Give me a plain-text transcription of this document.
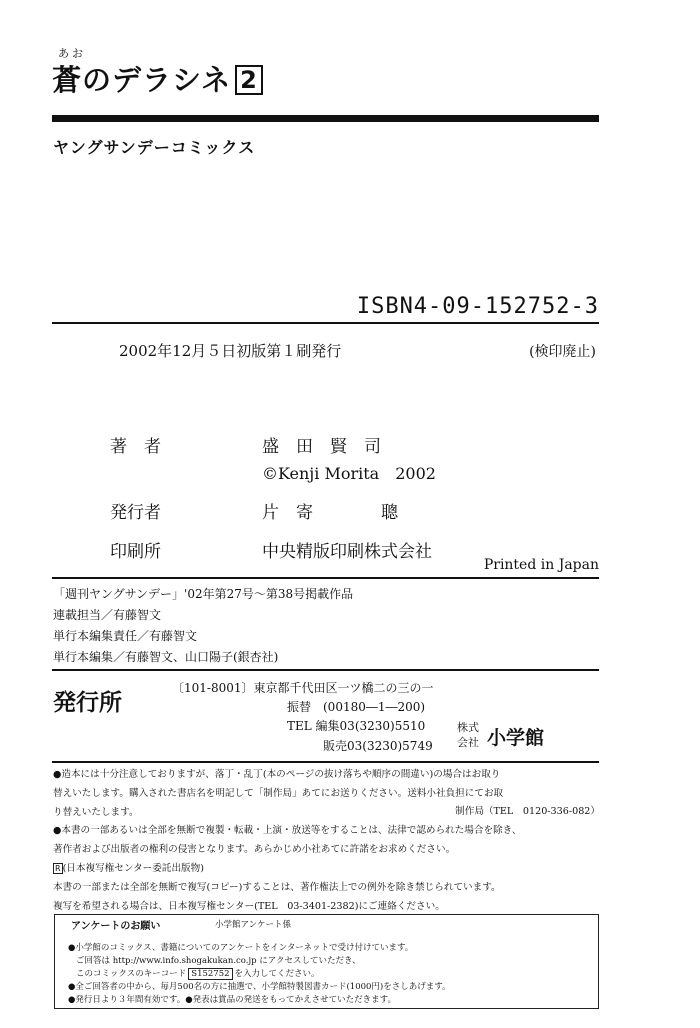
あお
蒼のデラシネ 2
ヤングサンデーコミックス
ISBN4-09-152752-3
2002年12月５日初版第１刷発行	(検印廃止)
著　者	盛　田　賢　司
©Kenji Morita　2002
発行者	片　寄　　　　聰
印刷所	中央精版印刷株式会社
Printed in Japan
「週刊ヤングサンデー」'02年第27号～第38号掲載作品
連載担当／有藤智文
単行本編集責任／有藤智文
単行本編集／有藤智文、山口陽子(銀杏社)
発行所
〔101-8001〕東京都千代田区一ツ橋二の三の一
振替　(00180―1―200)
TEL 編集03(3230)5510
販売03(3230)5749
株式
会社 小学館
●造本には十分注意しておりますが、落丁・乱丁(本のページの抜け落ちや順序の間違い)の場合はお取り
替えいたします。購入された書店名を明記して「制作局」あてにお送りください。送料小社負担にてお取
り替えいたします。	制作局（TEL　0120-336-082）
●本書の一部あるいは全部を無断で複製・転載・上演・放送等をすることは、法律で認められた場合を除き、
著作者および出版者の権利の侵害となります。あらかじめ小社あてに許諾をお求めください。
R (日本複写権センター委託出版物)
本書の一部または全部を無断で複写(コピー)することは、著作権法上での例外を除き禁じられています。
複写を希望される場合は、日本複写権センター(TEL　03-3401-2382)にご連絡ください。
アンケートのお願い	小学館アンケート係
●小学館のコミックス、書籍についてのアンケートをインターネットで受け付けています。
ご回答は http://www.info.shogakukan.co.jp にアクセスしていただき、
このコミックスのキーコード S152752 を入力してください。
●全ご回答者の中から、毎月500名の方に抽選で、小学館特製図書カード(1000円)をさしあげます。
●発行日より３年間有効です。●発表は賞品の発送をもってかえさせていただきます。
